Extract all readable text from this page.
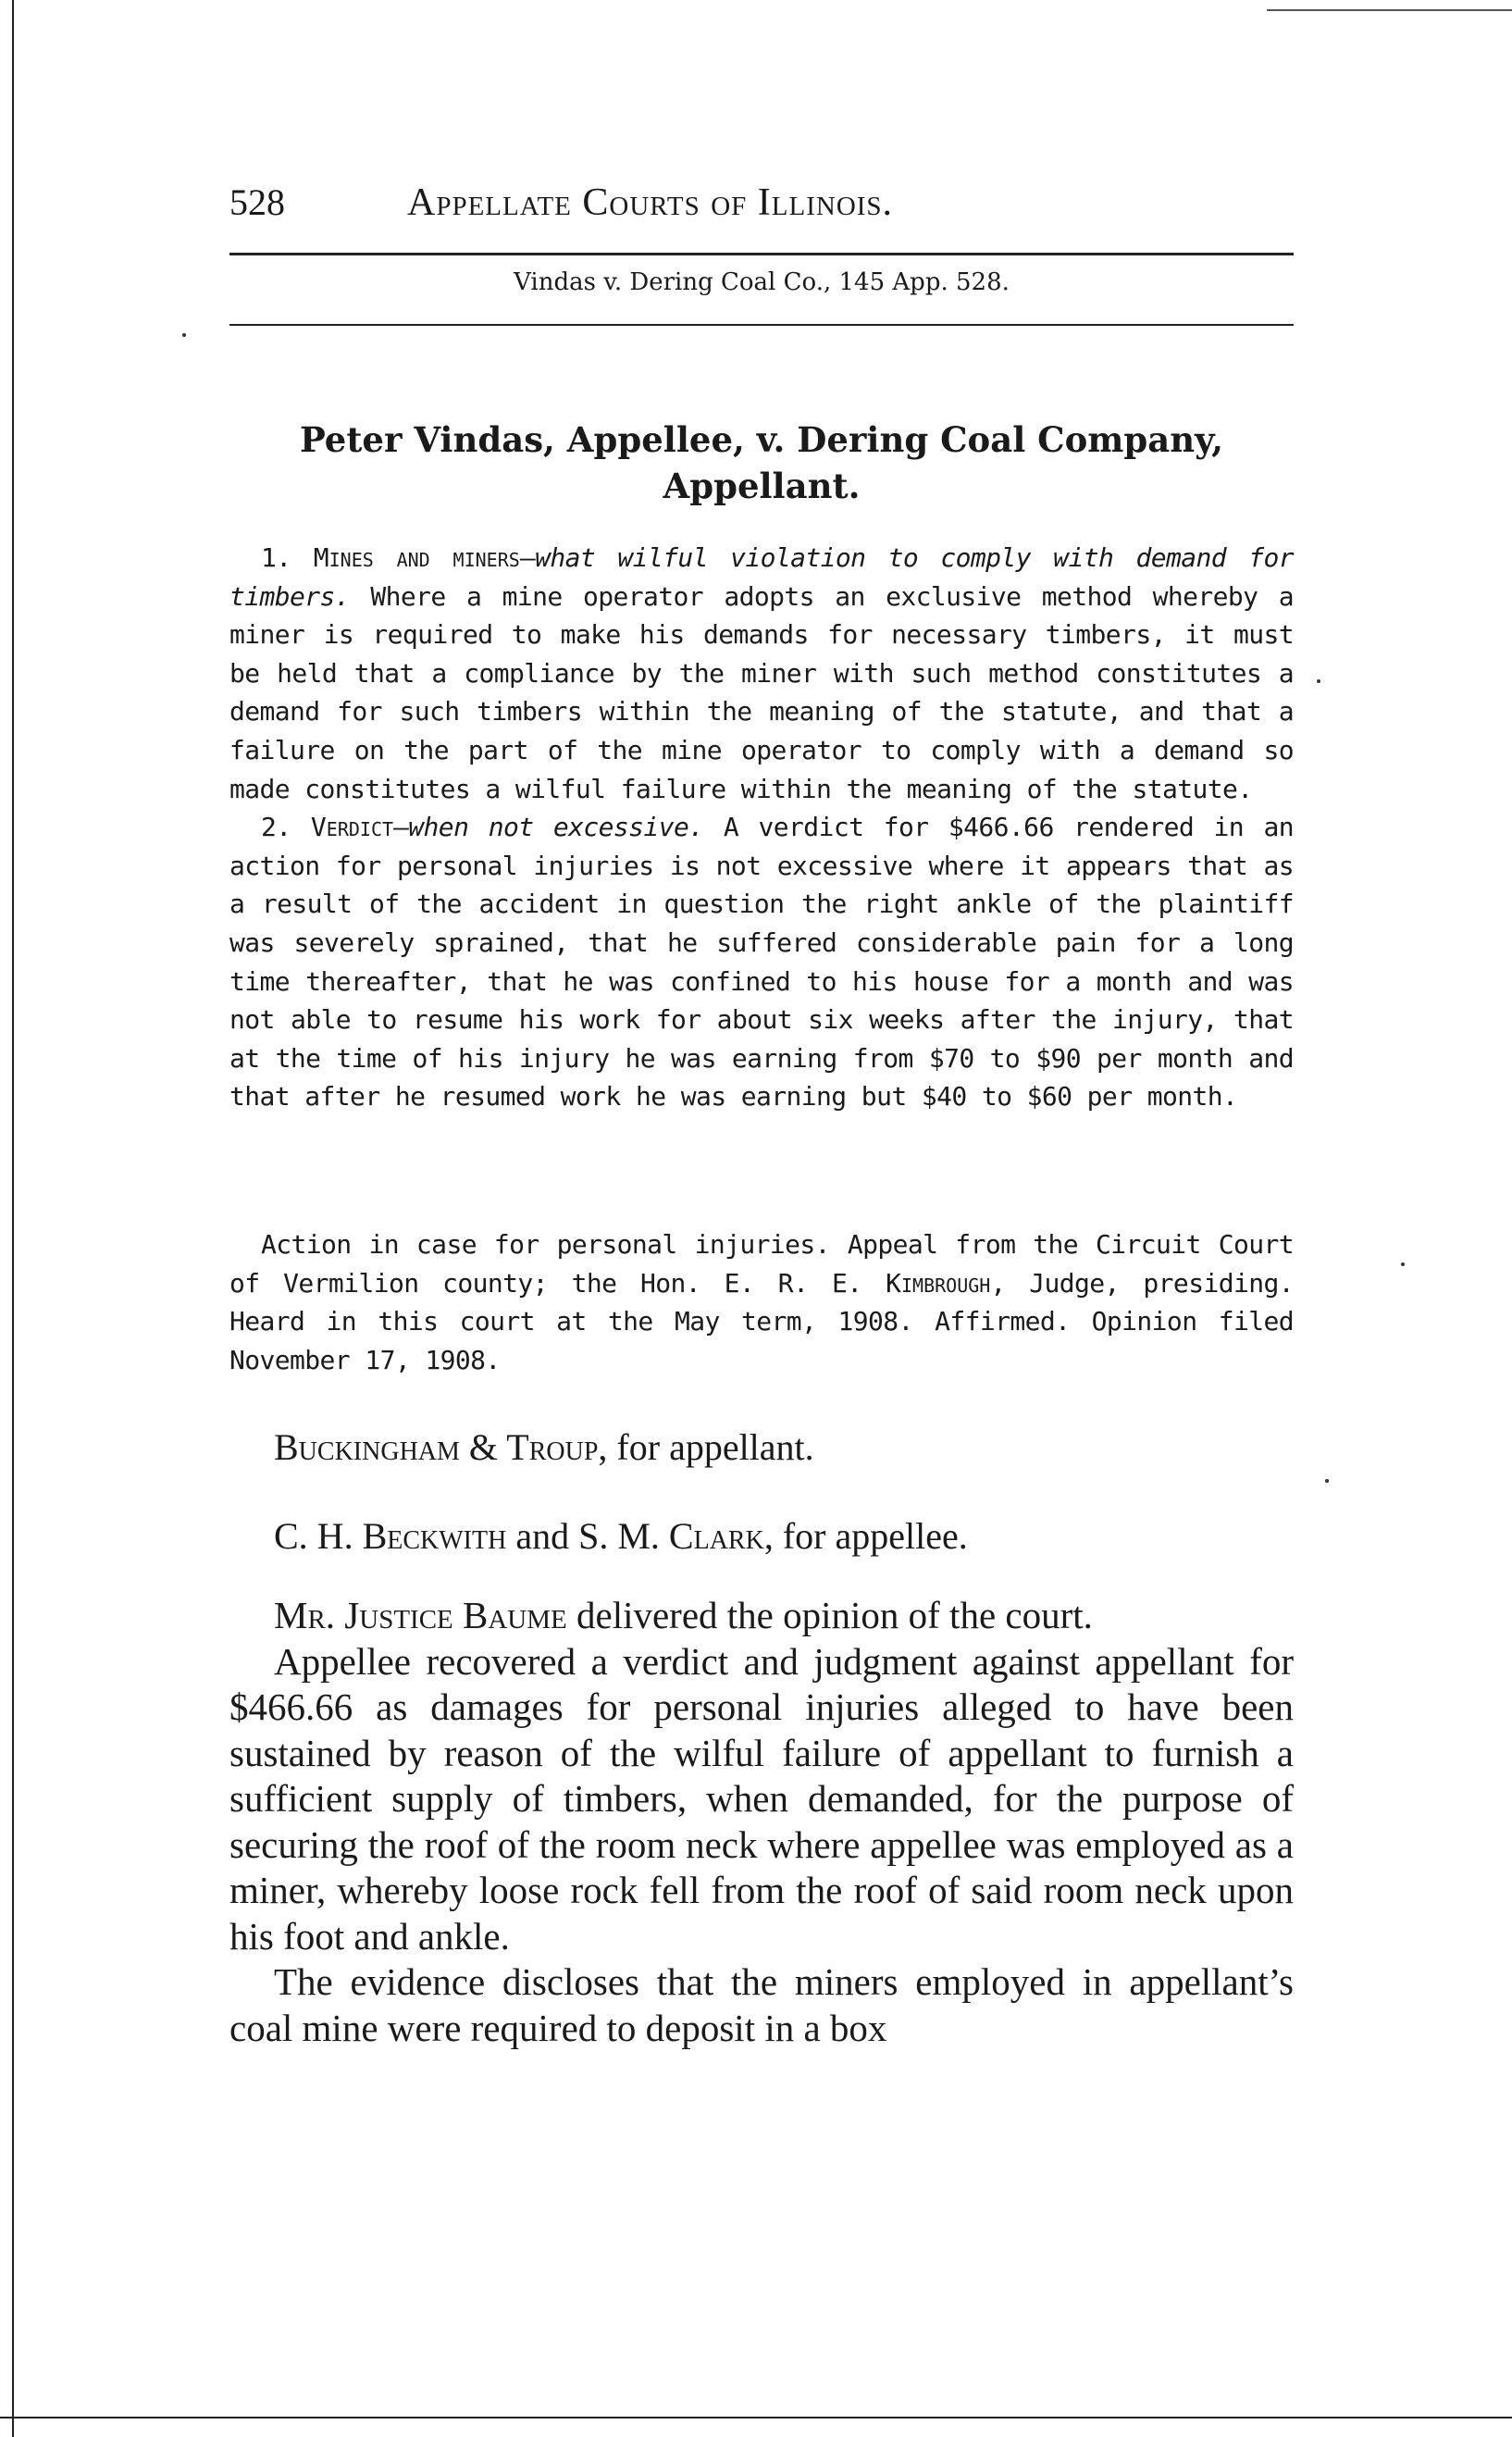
528	Appellate Courts of Illinois.
Vindas v. Dering Coal Co., 145 App. 528.
Peter Vindas, Appellee, v. Dering Coal Company, Appellant.

1. Mines and miners—what wilful violation to comply with demand for timbers. Where a mine operator adopts an exclusive method whereby a miner is required to make his demands for necessary timbers, it must be held that a compliance by the miner with such method constitutes a demand for such timbers within the meaning of the statute, and that a failure on the part of the mine operator to comply with a demand so made constitutes a wilful failure within the meaning of the statute.

2. Verdict—when not excessive. A verdict for $466.66 rendered in an action for personal injuries is not excessive where it appears that as a result of the accident in question the right ankle of the plaintiff was severely sprained, that he suffered considerable pain for a long time thereafter, that he was confined to his house for a month and was not able to resume his work for about six weeks after the injury, that at the time of his injury he was earning from $70 to $90 per month and that after he resumed work he was earning but $40 to $60 per month.

Action in case for personal injuries. Appeal from the Circuit Court of Vermilion county; the Hon. E. R. E. Kimbrough, Judge, presiding. Heard in this court at the May term, 1908. Affirmed. Opinion filed November 17, 1908.

Buckingham & Troup, for appellant.
C. H. Beckwith and S. M. Clark, for appellee.

Mr. Justice Baume delivered the opinion of the court.

Appellee recovered a verdict and judgment against appellant for $466.66 as damages for personal injuries alleged to have been sustained by reason of the wilful failure of appellant to furnish a sufficient supply of timbers, when demanded, for the purpose of securing the roof of the room neck where appellee was employed as a miner, whereby loose rock fell from the roof of said room neck upon his foot and ankle.

The evidence discloses that the miners employed in appellant’s coal mine were required to deposit in a box
